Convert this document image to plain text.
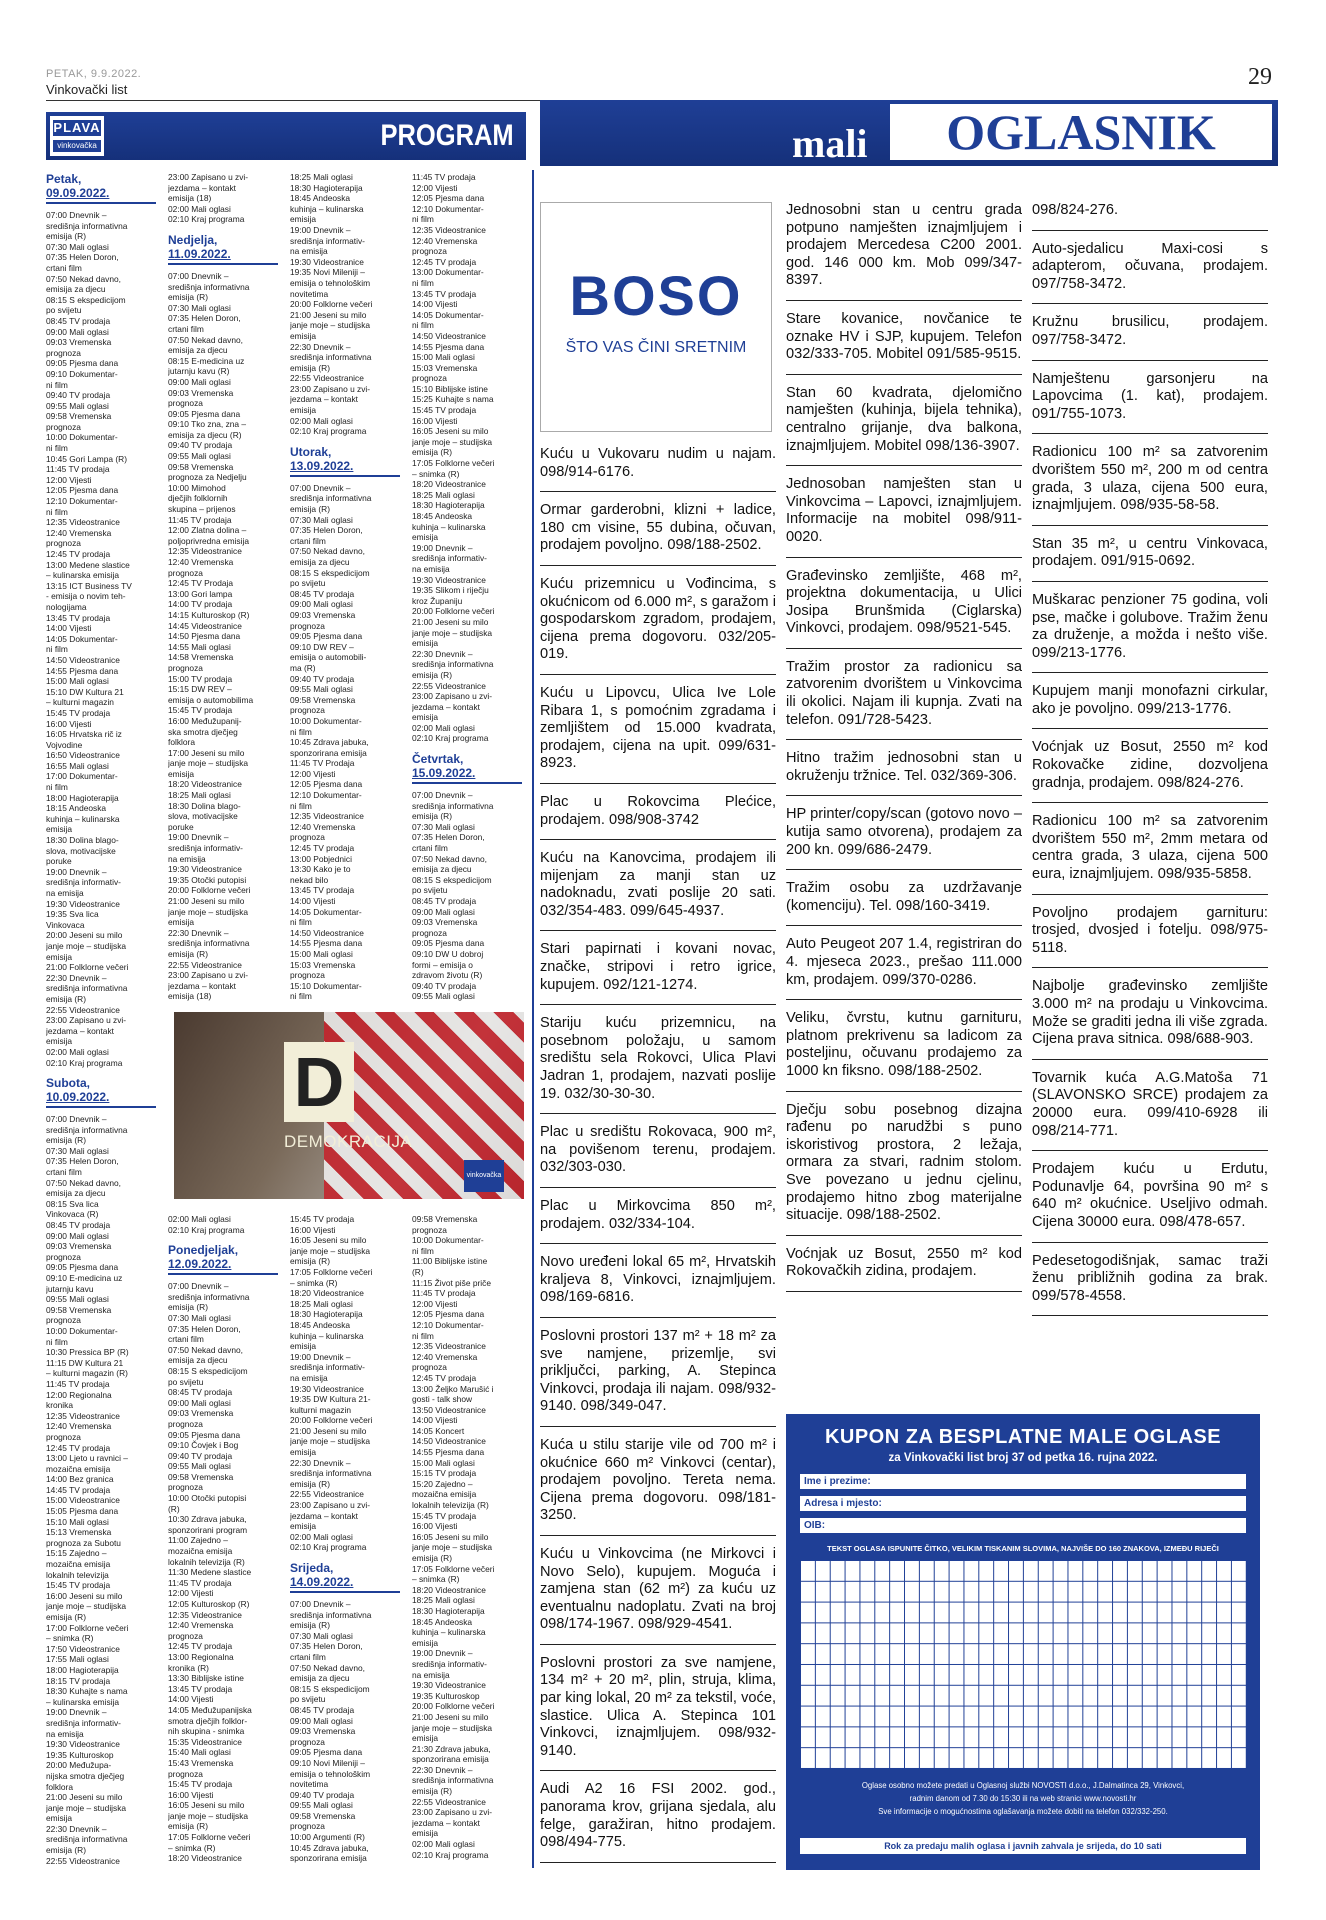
PETAK, 9.9.2022.
Vinkovački list	29
PLAVA
vinkovačka	PROGRAM
Petak,
09.09.2022.
07:00 Dnevnik –
središnja informativna
emisija (R)
07:30 Mali oglasi
07:35 Helen Doron,
crtani film
07:50 Nekad davno,
emisija za djecu
08:15 S ekspedicijom
po svijetu
08:45 TV prodaja
09:00 Mali oglasi
09:03 Vremenska
prognoza
09:05 Pjesma dana
09:10 Dokumentar-
ni film
09:40 TV prodaja
09:55 Mali oglasi
09:58 Vremenska
prognoza
10:00 Dokumentar-
ni film
10:45 Gori Lampa (R)
11:45 TV prodaja
12:00 Vijesti
12:05 Pjesma dana
12:10 Dokumentar-
ni film
12:35 Videostranice
12:40 Vremenska
prognoza
12:45 TV prodaja
13:00 Medene slastice
– kulinarska emisija
13:15 ICT Business TV
- emisija o novim teh-
nologijama
13:45 TV prodaja
14:00 Vijesti
14:05 Dokumentar-
ni film
14:50 Videostranice
14:55 Pjesma dana
15:00 Mali oglasi
15:10 DW Kultura 21
– kulturni magazin
15:45 TV prodaja
16:00 Vijesti
16:05 Hrvatska rič iz
Vojvodine
16:50 Videostranice
16:55 Mali oglasi
17:00 Dokumentar-
ni film
18:00 Hagioterapija
18:15 Andeoska
kuhinja – kulinarska
emisija
18:30 Dolina blago-
slova, motivacijske
poruke
19:00 Dnevnik –
središnja informativ-
na emisija
19:30 Videostranice
19:35 Sva lica
Vinkovaca
20:00 Jeseni su milo
janje moje – studijska
emisija
21:00 Folklorne večeri
22:30 Dnevnik –
središnja informativna
emisija (R)
22:55 Videostranice
23:00 Zapisano u zvi-
jezdama – kontakt
emisija
02:00 Mali oglasi
02:10 Kraj programa
Subota,
10.09.2022.
07:00 Dnevnik –
središnja informativna
emisija (R)
07:30 Mali oglasi
07:35 Helen Doron,
crtani film
07:50 Nekad davno,
emisija za djecu
08:15 Sva lica
Vinkovaca (R)
08:45 TV prodaja
09:00 Mali oglasi
09:03 Vremenska
prognoza
09:05 Pjesma dana
09:10 E-medicina uz
jutarnju kavu
09:55 Mali oglasi
09:58 Vremenska
prognoza
10:00 Dokumentar-
ni film
10:30 Pressica BP (R)
11:15 DW Kultura 21
– kulturni magazin (R)
11:45 TV prodaja
12:00 Regionalna
kronika
12:35 Videostranice
12:40 Vremenska
prognoza
12:45 TV prodaja
13:00 Ljeto u ravnici –
mozaična emisija
14:00 Bez granica
14:45 TV prodaja
15:00 Videostranice
15:05 Pjesma dana
15:10 Mali oglasi
15:13 Vremenska
prognoza za Subotu
15:15 Zajedno –
mozaična emisija
lokalnih televizija
15:45 TV prodaja
16:00 Jeseni su milo
janje moje – studijska
emisija (R)
17:00 Folklorne večeri
– snimka (R)
17:50 Videostranice
17:55 Mali oglasi
18:00 Hagioterapija
18:15 TV prodaja
18:30 Kuhajte s nama
– kulinarska emisija
19:00 Dnevnik –
središnja informativ-
na emisija
19:30 Videostranice
19:35 Kulturoskop
20:00 Međužupa-
nijska smotra dječjeg
folklora
21:00 Jeseni su milo
janje moje – studijska
emisija
22:30 Dnevnik –
središnja informativna
emisija (R)
22:55 Videostranice
23:00 Zapisano u zvi-
jezdama – kontakt
emisija (18)
02:00 Mali oglasi
02:10 Kraj programa
Nedjelja,
11.09.2022.
07:00 Dnevnik –
središnja informativna
emisija (R)
07:30 Mali oglasi
07:35 Helen Doron,
crtani film
07:50 Nekad davno,
emisija za djecu
08:15 E-medicina uz
jutarnju kavu (R)
09:00 Mali oglasi
09:03 Vremenska
prognoza
09:05 Pjesma dana
09:10 Tko zna, zna –
emisija za djecu (R)
09:40 TV prodaja
09:55 Mali oglasi
09:58 Vremenska
prognoza za Nedjelju
10:00 Mimohod
dječjih folklornih
skupina – prijenos
11:45 TV prodaja
12:00 Zlatna dolina –
poljoprivredna emisija
12:35 Videostranice
12:40 Vremenska
prognoza
12:45 TV Prodaja
13:00 Gori lampa
14:00 TV prodaja
14:15 Kulturoskop (R)
14:45 Videostranice
14:50 Pjesma dana
14:55 Mali oglasi
14:58 Vremenska
prognoza
15:00 TV prodaja
15:15 DW REV –
emisija o automobilima
15:45 TV prodaja
16:00 Međužupanij-
ska smotra dječjeg
folklora
17:00 Jeseni su milo
janje moje – studijska
emisija
18:20 Videostranice
18:25 Mali oglasi
18:30 Dolina blago-
slova, motivacijske
poruke
19:00 Dnevnik –
središnja informativ-
na emisija
19:30 Videostranice
19:35 Otočki putopisi
20:00 Folklorne večeri
21:00 Jeseni su milo
janje moje – studijska
emisija
22:30 Dnevnik –
središnja informativna
emisija (R)
22:55 Videostranice
23:00 Zapisano u zvi-
jezdama – kontakt
emisija (18)
18:25 Mali oglasi
18:30 Hagioterapija
18:45 Andeoska
kuhinja – kulinarska
emisija
19:00 Dnevnik –
središnja informativ-
na emisija
19:30 Videostranice
19:35 Novi Mileniji –
emisija o tehnološkim
novitetima
20:00 Folklorne večeri
21:00 Jeseni su milo
janje moje – studijska
emisija
22:30 Dnevnik –
središnja informativna
emisija (R)
22:55 Videostranice
23:00 Zapisano u zvi-
jezdama – kontakt
emisija
02:00 Mali oglasi
02:10 Kraj programa
Utorak,
13.09.2022.
07:00 Dnevnik –
središnja informativna
emisija (R)
07:30 Mali oglasi
07:35 Helen Doron,
crtani film
07:50 Nekad davno,
emisija za djecu
08:15 S ekspedicijom
po svijetu
08:45 TV prodaja
09:00 Mali oglasi
09:03 Vremenska
prognoza
09:05 Pjesma dana
09:10 DW REV –
emisija o automobili-
ma (R)
09:40 TV prodaja
09:55 Mali oglasi
09:58 Vremenska
prognoza
10:00 Dokumentar-
ni film
10:45 Zdrava jabuka,
sponzorirana emisija
11:45 TV Prodaja
12:00 Vijesti
12:05 Pjesma dana
12:10 Dokumentar-
ni film
12:35 Videostranice
12:40 Vremenska
prognoza
12:45 TV prodaja
13:00 Pobjednici
13:30 Kako je to
nekad bilo
13:45 TV prodaja
14:00 Vijesti
14:05 Dokumentar-
ni film
14:50 Videostranice
14:55 Pjesma dana
15:00 Mali oglasi
15:03 Vremenska
prognoza
15:10 Dokumentar-
ni film
11:45 TV prodaja
12:00 Vijesti
12:05 Pjesma dana
12:10 Dokumentar-
ni film
12:35 Videostranice
12:40 Vremenska
prognoza
12:45 TV prodaja
13:00 Dokumentar-
ni film
13:45 TV prodaja
14:00 Vijesti
14:05 Dokumentar-
ni film
14:50 Videostranice
14:55 Pjesma dana
15:00 Mali oglasi
15:03 Vremenska
prognoza
15:10 Biblijske istine
15:25 Kuhajte s nama
15:45 TV prodaja
16:00 Vijesti
16:05 Jeseni su milo
janje moje – studijska
emisija (R)
17:05 Folklorne večeri
– snimka (R)
18:20 Videostranice
18:25 Mali oglasi
18:30 Hagioterapija
18:45 Andeoska
kuhinja – kulinarska
emisija
19:00 Dnevnik –
središnja informativ-
na emisija
19:30 Videostranice
19:35 Slikom i riječju
kroz Županiju
20:00 Folklorne večeri
21:00 Jeseni su milo
janje moje – studijska
emisija
22:30 Dnevnik –
središnja informativna
emisija (R)
22:55 Videostranice
23:00 Zapisano u zvi-
jezdama – kontakt
emisija
02:00 Mali oglasi
02:10 Kraj programa
Četvrtak,
15.09.2022.
07:00 Dnevnik –
središnja informativna
emisija (R)
07:30 Mali oglasi
07:35 Helen Doron,
crtani film
07:50 Nekad davno,
emisija za djecu
08:15 S ekspedicijom
po svijetu
08:45 TV prodaja
09:00 Mali oglasi
09:03 Vremenska
prognoza
09:05 Pjesma dana
09:10 DW U dobroj
formi – emisija o
zdravom životu (R)
09:40 TV prodaja
09:55 Mali oglasi
02:00 Mali oglasi
02:10 Kraj programa
Ponedjeljak,
12.09.2022.
07:00 Dnevnik –
središnja informativna
emisija (R)
07:30 Mali oglasi
07:35 Helen Doron,
crtani film
07:50 Nekad davno,
emisija za djecu
08:15 S ekspedicijom
po svijetu
08:45 TV prodaja
09:00 Mali oglasi
09:03 Vremenska
prognoza
09:05 Pjesma dana
09:10 Čovjek i Bog
09:40 TV prodaja
09:55 Mali oglasi
09:58 Vremenska
prognoza
10:00 Otočki putopisi
(R)
10:30 Zdrava jabuka,
sponzorirani program
11:00 Zajedno –
mozaična emisija
lokalnih televizija (R)
11:30 Medene slastice
11:45 TV prodaja
12:00 Vijesti
12:05 Kulturoskop (R)
12:35 Videostranice
12:40 Vremenska
prognoza
12:45 TV prodaja
13:00 Regionalna
kronika (R)
13:30 Biblijske istine
13:45 TV prodaja
14:00 Vijesti
14:05 Međužupanijska
smotra dječjih folklor-
nih skupina - snimka
15:35 Videostranice
15:40 Mali oglasi
15:43 Vremenska
prognoza
15:45 TV prodaja
16:00 Vijesti
16:05 Jeseni su milo
janje moje – studijska
emisija (R)
17:05 Folklorne večeri
– snimka (R)
18:20 Videostranice
15:45 TV prodaja
16:00 Vijesti
16:05 Jeseni su milo
janje moje – studijska
emisija (R)
17:05 Folklorne večeri
– snimka (R)
18:20 Videostranice
18:25 Mali oglasi
18:30 Hagioterapija
18:45 Andeoska
kuhinja – kulinarska
emisija
19:00 Dnevnik –
središnja informativ-
na emisija
19:30 Videostranice
19:35 DW Kultura 21-
kulturni magazin
20:00 Folklorne večeri
21:00 Jeseni su milo
janje moje – studijska
emisija
22:30 Dnevnik –
središnja informativna
emisija (R)
22:55 Videostranice
23:00 Zapisano u zvi-
jezdama – kontakt
emisija
02:00 Mali oglasi
02:10 Kraj programa
Srijeda,
14.09.2022.
07:00 Dnevnik –
središnja informativna
emisija (R)
07:30 Mali oglasi
07:35 Helen Doron,
crtani film
07:50 Nekad davno,
emisija za djecu
08:15 S ekspedicijom
po svijetu
08:45 TV prodaja
09:00 Mali oglasi
09:03 Vremenska
prognoza
09:05 Pjesma dana
09:10 Novi Mileniji –
emisija o tehnološkim
novitetima
09:40 TV prodaja
09:55 Mali oglasi
09:58 Vremenska
prognoza
10:00 Argumenti (R)
10:45 Zdrava jabuka,
sponzorirana emisija
09:58 Vremenska
prognoza
10:00 Dokumentar-
ni film
11:00 Biblijske istine
(R)
11:15 Život piše priče
11:45 TV prodaja
12:00 Vijesti
12:05 Pjesma dana
12:10 Dokumentar-
ni film
12:35 Videostranice
12:40 Vremenska
prognoza
12:45 TV prodaja
13:00 Željko Marušić i
gosti - talk show
13:50 Videostranice
14:00 Vijesti
14:05 Koncert
14:50 Videostranice
14:55 Pjesma dana
15:00 Mali oglasi
15:15 TV prodaja
15:20 Zajedno –
mozaična emisija
lokalnih televizija (R)
15:45 TV prodaja
16:00 Vijesti
16:05 Jeseni su milo
janje moje – studijska
emisija (R)
17:05 Folklorne večeri
– snimka (R)
18:20 Videostranice
18:25 Mali oglasi
18:30 Hagioterapija
18:45 Andeoska
kuhinja – kulinarska
emisija
19:00 Dnevnik –
središnja informativ-
na emisija
19:30 Videostranice
19:35 Kulturoskop
20:00 Folklorne večeri
21:00 Jeseni su milo
janje moje – studijska
emisija
21:30 Zdrava jabuka,
sponzorirana emisija
22:30 Dnevnik –
središnja informativna
emisija (R)
22:55 Videostranice
23:00 Zapisano u zvi-
jezdama – kontakt
emisija
02:00 Mali oglasi
02:10 Kraj programa
D
DEMOKRACIJA
vinkovačka
mali	OGLASNIK
BOSO
ŠTO VAS ČINI SRETNIM
Kuću u Vukovaru nudim u najam. 098/914-6176.
Ormar garderobni, klizni + ladice, 180 cm visine, 55 dubina, očuvan, prodajem povoljno. 098/188-2502.
Kuću prizemnicu u Vođincima, s okućnicom od 6.000 m², s garažom i gospodarskom zgradom, prodajem, cijena prema dogovoru. 032/205-019.
Kuću u Lipovcu, Ulica Ive Lole Ribara 1, s pomoćnim zgradama i zemljištem od 15.000 kvadrata, prodajem, cijena na upit. 099/631-8923.
Plac u Rokovcima Plećice, prodajem. 098/908-3742
Kuću na Kanovcima, prodajem ili mijenjam za manji stan uz nadoknadu, zvati poslije 20 sati. 032/354-483. 099/645-4937.
Stari papirnati i kovani novac, značke, stripovi i retro igrice, kupujem. 092/121-1274.
Stariju kuću prizemnicu, na posebnom položaju, u samom središtu sela Rokovci, Ulica Plavi Jadran 1, prodajem, nazvati poslije 19. 032/30-30-30.
Plac u središtu Rokovaca, 900 m², na povišenom terenu, prodajem. 032/303-030.
Plac u Mirkovcima 850 m², prodajem. 032/334-104.
Novo uređeni lokal 65 m², Hrvatskih kraljeva 8, Vinkovci, iznajmljujem. 098/169-6816.
Poslovni prostori 137 m² + 18 m² za sve namjene, prizemlje, svi priključci, parking, A. Stepinca Vinkovci, prodaja ili najam. 098/932-9140. 098/349-047.
Kuća u stilu starije vile od 700 m² i okućnice 660 m² Vinkovci (centar), prodajem povoljno. Tereta nema. Cijena prema dogovoru. 098/181-3250.
Kuću u Vinkovcima (ne Mirkovci i Novo Selo), kupujem. Moguća i zamjena stan (62 m²) za kuću uz eventualnu nadoplatu. Zvati na broj 098/174-1967. 098/929-4541.
Poslovni prostori za sve namjene, 134 m² + 20 m², plin, struja, klima, par king lokal, 20 m² za tekstil, voće, slastice. Ulica A. Stepinca 101 Vinkovci, iznajmljujem. 098/932-9140.
Audi A2 16 FSI 2002. god., panorama krov, grijana sjedala, alu felge, garažiran, hitno prodajem. 098/494-775.
Jednosobni stan u centru grada potpuno namješten iznajmljujem i prodajem Mercedesa C200 2001. god. 146 000 km. Mob 099/347-8397.
Stare kovanice, novčanice te oznake HV i SJP, kupujem. Telefon 032/333-705. Mobitel 091/585-9515.
Stan 60 kvadrata, djelomično namješten (kuhinja, bijela tehnika), centralno grijanje, dva balkona, iznajmljujem. Mobitel 098/136-3907.
Jednosoban namješten stan u Vinkovcima – Lapovci, iznajmljujem. Informacije na mobitel 098/911-0020.
Građevinsko zemljište, 468 m², projektna dokumentacija, u Ulici Josipa Brunšmida (Ciglarska) Vinkovci, prodajem. 098/9521-545.
Tražim prostor za radionicu sa zatvorenim dvorištem u Vinkovcima ili okolici. Najam ili kupnja. Zvati na telefon. 091/728-5423.
Hitno tražim jednosobni stan u okruženju tržnice. Tel. 032/369-306.
HP printer/copy/scan (gotovo novo – kutija samo otvorena), prodajem za 200 kn. 099/686-2479.
Tražim osobu za uzdržavanje (komenciju). Tel. 098/160-3419.
Auto Peugeot 207 1.4, registriran do 4. mjeseca 2023., prešao 111.000 km, prodajem. 099/370-0286.
Veliku, čvrstu, kutnu garnituru, platnom prekrivenu sa ladicom za posteljinu, očuvanu prodajemo za 1000 kn fiksno. 098/188-2502.
Dječju sobu posebnog dizajna rađenu po narudžbi s puno iskoristivog prostora, 2 ležaja, ormara za stvari, radnim stolom. Sve povezano u jednu cjelinu, prodajemo hitno zbog materijalne situacije. 098/188-2502.
Voćnjak uz Bosut, 2550 m² kod Rokovačkih zidina, prodajem.
098/824-276.
Auto-sjedalicu Maxi-cosi s adapterom, očuvana, prodajem. 097/758-3472.
Kružnu brusilicu, prodajem. 097/758-3472.
Namještenu garsonjeru na Lapovcima (1. kat), prodajem. 091/755-1073.
Radionicu 100 m² sa zatvorenim dvorištem 550 m², 200 m od centra grada, 3 ulaza, cijena 500 eura, iznajmljujem. 098/935-58-58.
Stan 35 m², u centru Vinkovaca, prodajem. 091/915-0692.
Muškarac penzioner 75 godina, voli pse, mačke i golubove. Tražim ženu za druženje, a možda i nešto više. 099/213-1776.
Kupujem manji monofazni cirkular, ako je povoljno. 099/213-1776.
Voćnjak uz Bosut, 2550 m² kod Rokovačke zidine, dozvoljena gradnja, prodajem. 098/824-276.
Radionicu 100 m² sa zatvorenim dvorištem 550 m², 2mm metara od centra grada, 3 ulaza, cijena 500 eura, iznajmljujem. 098/935-5858.
Povoljno prodajem garnituru: trosjed, dvosjed i fotelju. 098/975-5118.
Najbolje građevinsko zemljište 3.000 m² na prodaju u Vinkovcima. Može se graditi jedna ili više zgrada. Cijena prava sitnica. 098/688-903.
Tovarnik kuća A.G.Matoša 71 (SLAVONSKO SRCE) prodajem za 20000 eura. 099/410-6928 ili 098/214-771.
Prodajem kuću u Erdutu, Podunavlje 64, površina 90 m² s 640 m² okućnice. Useljivo odmah. Cijena 30000 eura. 098/478-657.
Pedesetogodišnjak, samac traži ženu približnih godina za brak. 099/578-4558.
KUPON ZA BESPLATNE MALE OGLASE
za Vinkovački list broj 37 od petka 16. rujna 2022.
Ime i prezime:
Adresa i mjesto:
OIB:
TEKST OGLASA ISPUNITE ČITKO, VELIKIM TISKANIM SLOVIMA, NAJVIŠE DO 160 ZNAKOVA, IZMEĐU RIJEČI
Oglase osobno možete predati u Oglasnoj službi NOVOSTI d.o.o., J.Dalmatinca 29, Vinkovci,
radnim danom od 7.30 do 15:30 ili na web stranici www.novosti.hr
Sve informacije o mogućnostima oglašavanja možete dobiti na telefon 032/332-250.
Rok za predaju malih oglasa i javnih zahvala je srijeda, do 10 sati
